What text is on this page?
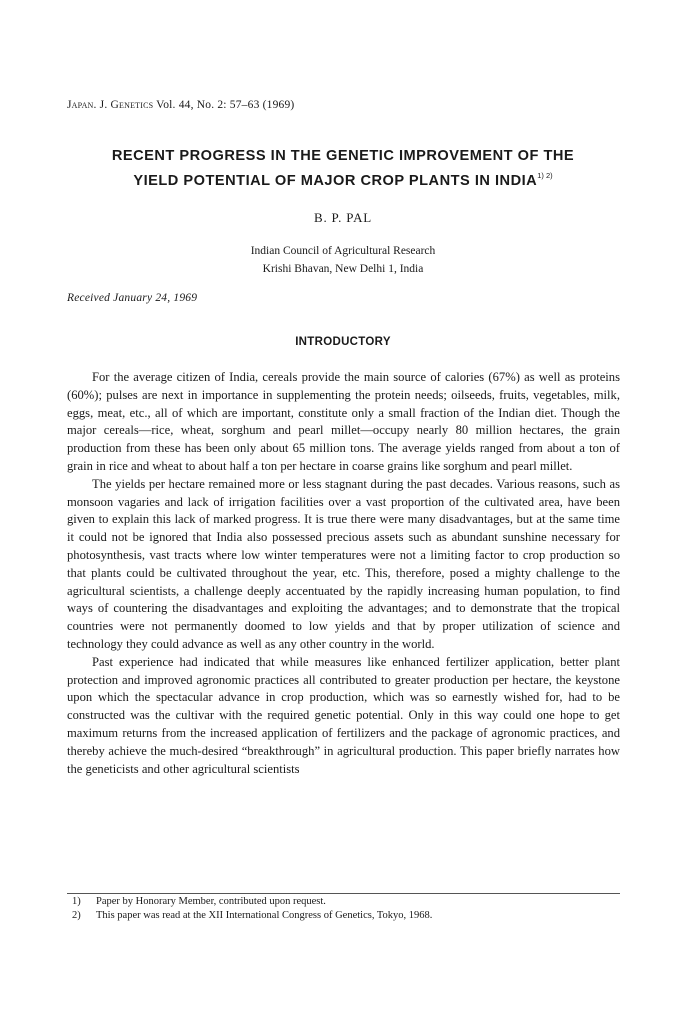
Japan. J. Genetics Vol. 44, No. 2: 57–63 (1969)
RECENT PROGRESS IN THE GENETIC IMPROVEMENT OF THE
YIELD POTENTIAL OF MAJOR CROP PLANTS IN INDIA$^{1) 2)}$
B. P. PAL
Indian Council of Agricultural Research
Krishi Bhavan, New Delhi 1, India
Received January 24, 1969
INTRODUCTORY

For the average citizen of India, cereals provide the main source of calories (67%) as well as proteins (60%); pulses are next in importance in supplementing the protein needs; oilseeds, fruits, vegetables, milk, eggs, meat, etc., all of which are important, constitute only a small fraction of the Indian diet. Though the major cereals—rice, wheat, sorghum and pearl millet—occupy nearly 80 million hectares, the grain production from these has been only about 65 million tons. The average yields ranged from about a ton of grain in rice and wheat to about half a ton per hectare in coarse grains like sorghum and pearl millet.

The yields per hectare remained more or less stagnant during the past decades. Various reasons, such as monsoon vagaries and lack of irrigation facilities over a vast proportion of the cultivated area, have been given to explain this lack of marked progress. It is true there were many disadvantages, but at the same time it could not be ignored that India also possessed precious assets such as abundant sunshine necessary for photosynthesis, vast tracts where low winter temperatures were not a limiting factor to crop production so that plants could be cultivated throughout the year, etc. This, therefore, posed a mighty challenge to the agricultural scientists, a challenge deeply accentuated by the rapidly increasing human population, to find ways of countering the disadvantages and exploiting the advantages; and to demonstrate that the tropical countries were not permanently doomed to low yields and that by proper utilization of science and technology they could advance as well as any other country in the world.

Past experience had indicated that while measures like enhanced fertilizer application, better plant protection and improved agronomic practices all contributed to greater production per hectare, the keystone upon which the spectacular advance in crop production, which was so earnestly wished for, had to be constructed was the cultivar with the required genetic potential. Only in this way could one hope to get maximum returns from the increased application of fertilizers and the package of agronomic practices, and thereby achieve the much-desired “breakthrough” in agricultural production. This paper briefly narrates how the geneticists and other agricultural scientists

1) Paper by Honorary Member, contributed upon request.
2) This paper was read at the XII International Congress of Genetics, Tokyo, 1968.
